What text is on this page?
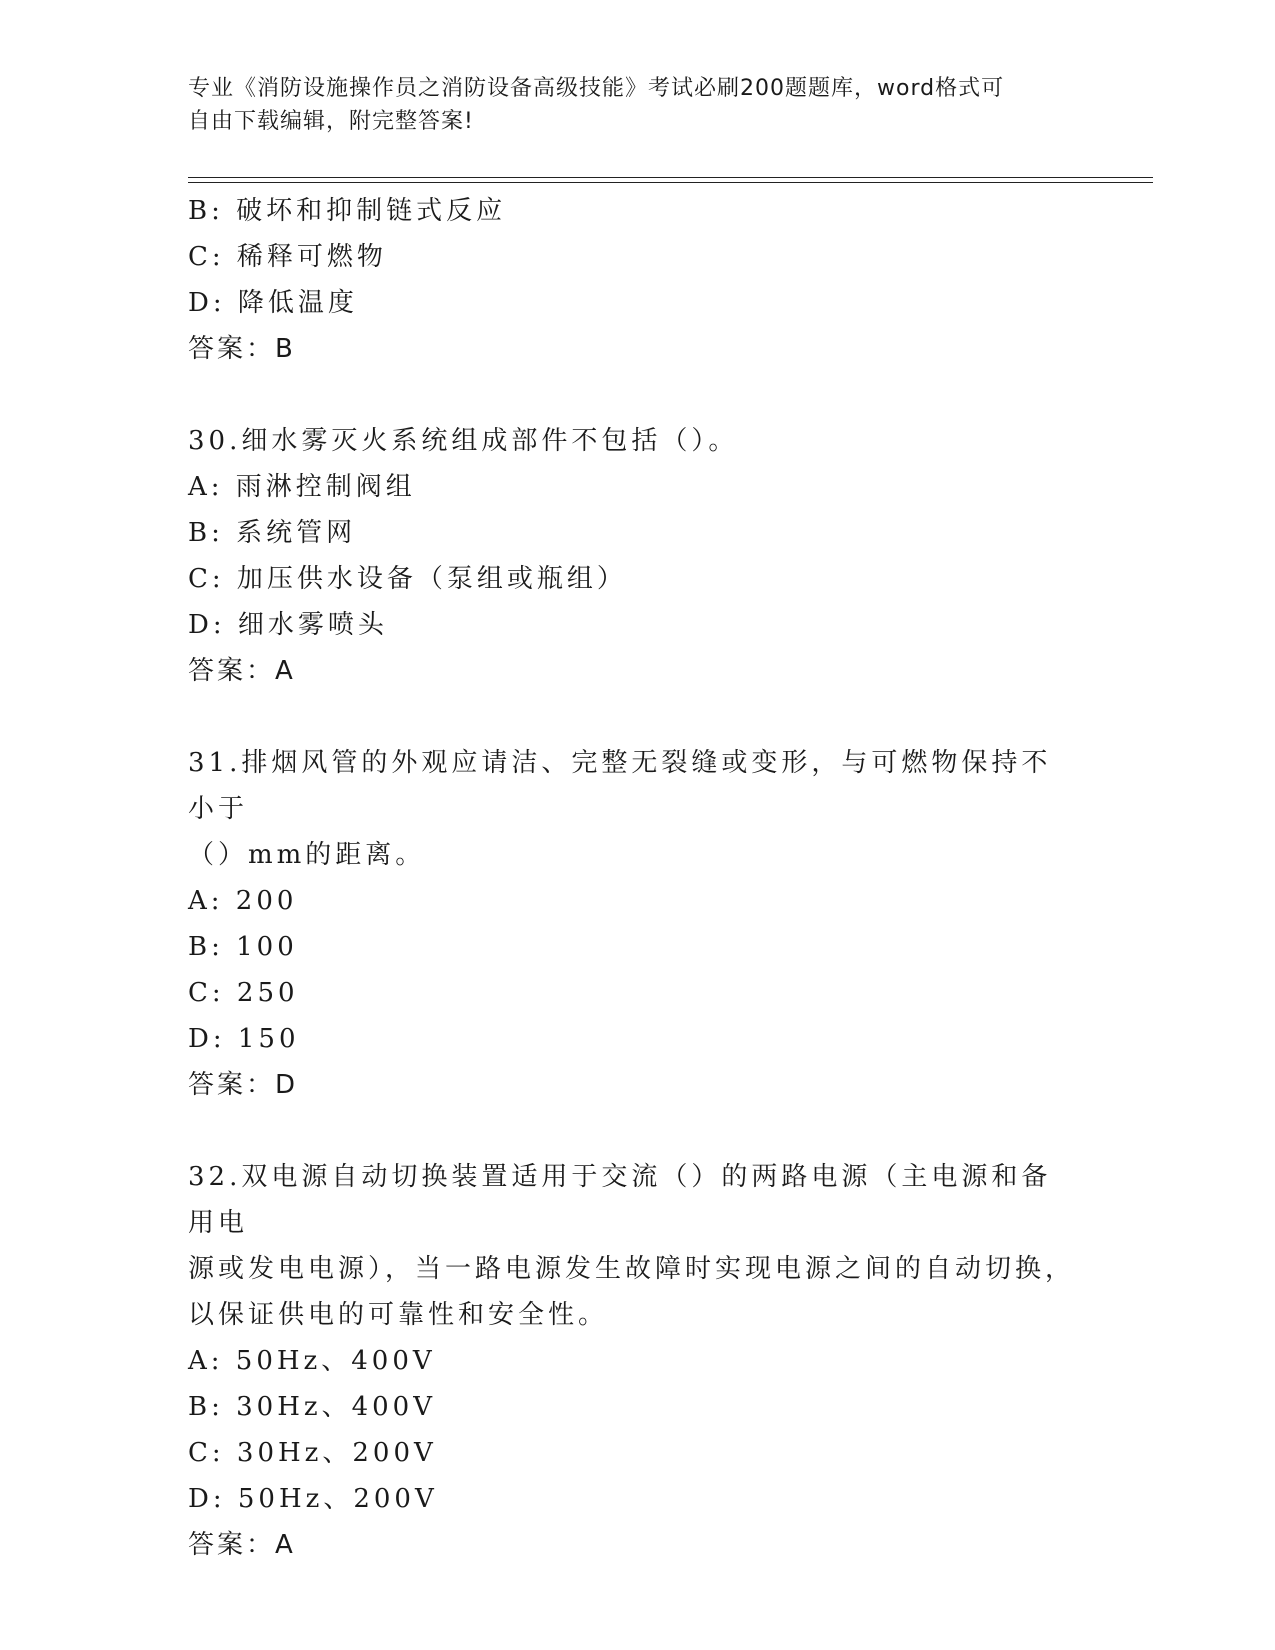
专业《消防设施操作员之消防设备高级技能》考试必刷200题题库，word格式可
自由下载编辑，附完整答案!
B: 破坏和抑制链式反应
C: 稀释可燃物
D: 降低温度
答案：B
30.细水雾灭火系统组成部件不包括（）。
A: 雨淋控制阀组
B: 系统管网
C: 加压供水设备（泵组或瓶组）
D: 细水雾喷头
答案：A
31.排烟风管的外观应请洁、完整无裂缝或变形，与可燃物保持不小于
（）mm的距离。
A: 200
B: 100
C: 250
D: 150
答案：D
32.双电源自动切换装置适用于交流（）的两路电源（主电源和备用电
源或发电电源），当一路电源发生故障时实现电源之间的自动切换，
以保证供电的可靠性和安全性。
A: 50Hz、400V
B: 30Hz、400V
C: 30Hz、200V
D: 50Hz、200V
答案：A
